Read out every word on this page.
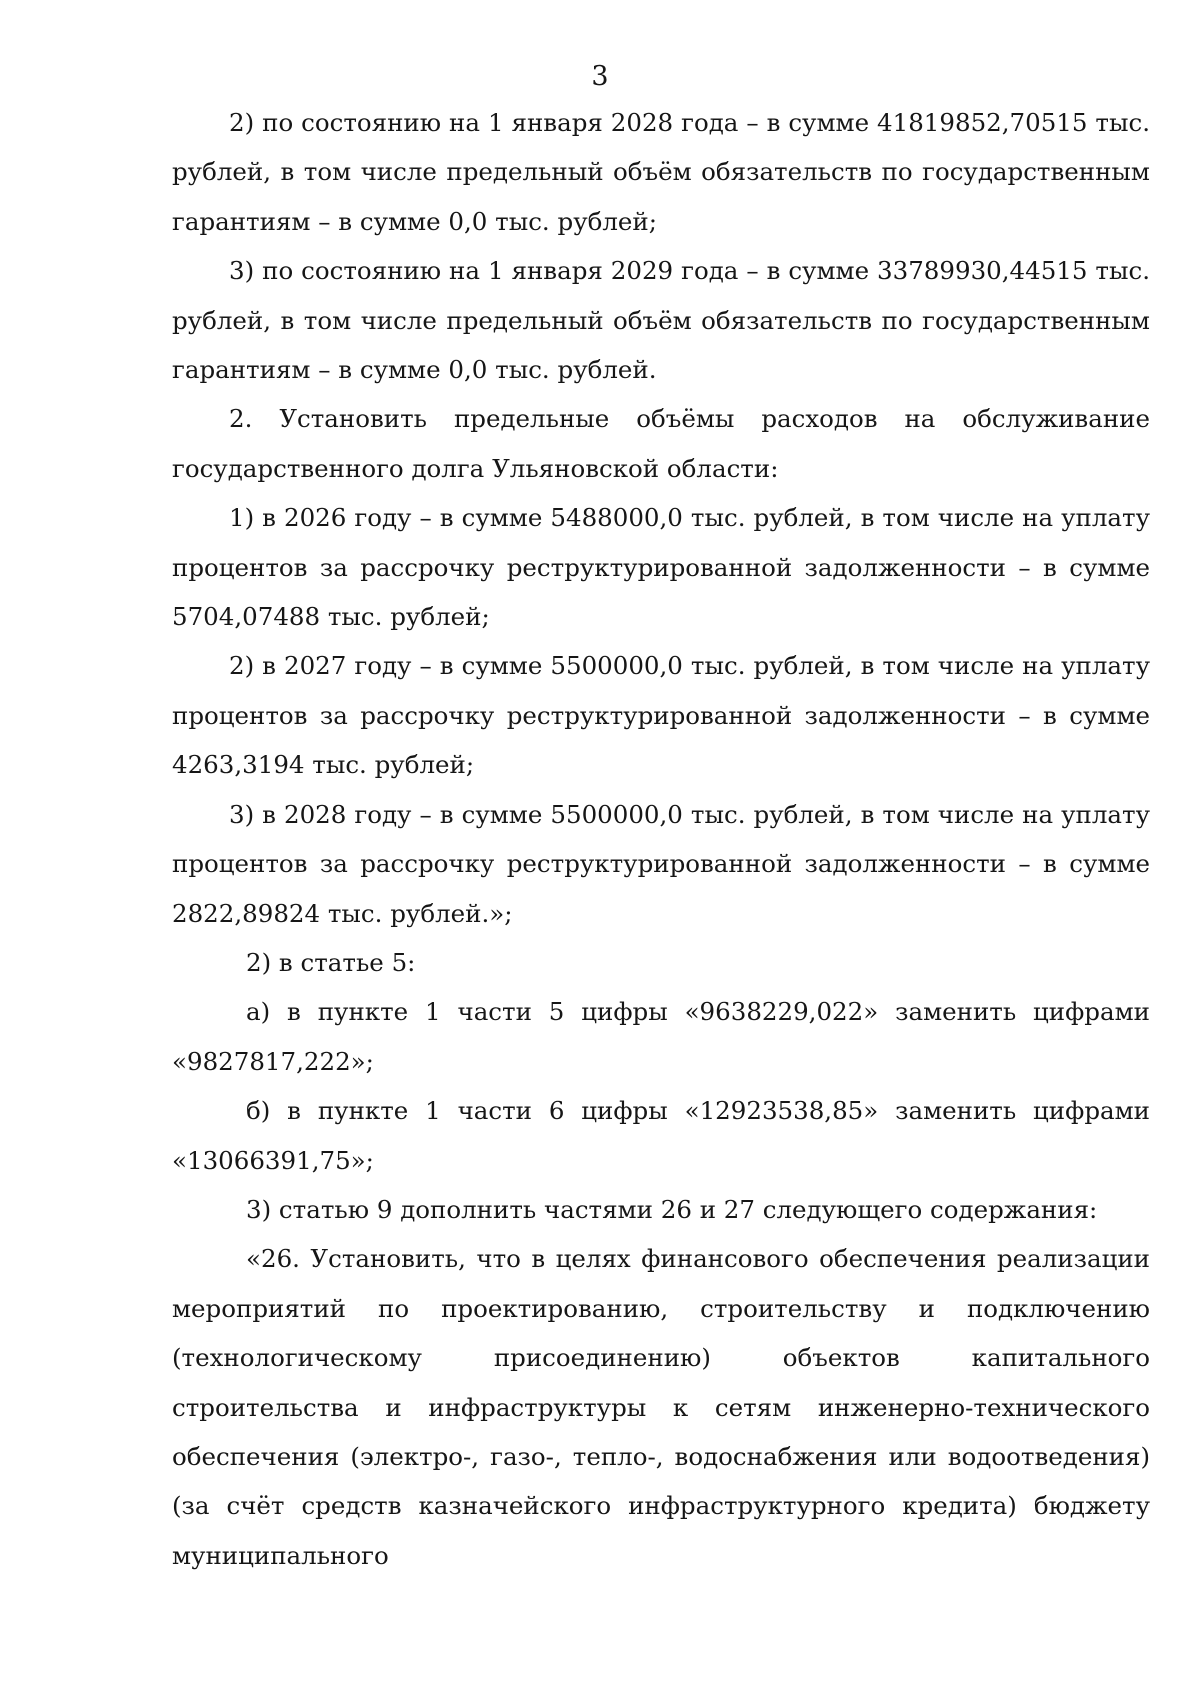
3

2) по состоянию на 1 января 2028 года – в сумме 41819852,70515 тыс. рублей, в том числе предельный объём обязательств по государственным гарантиям – в сумме 0,0 тыс. рублей;

3) по состоянию на 1 января 2029 года – в сумме 33789930,44515 тыс. рублей, в том числе предельный объём обязательств по государственным гарантиям – в сумме 0,0 тыс. рублей.

2. Установить предельные объёмы расходов на обслуживание государственного долга Ульяновской области:

1) в 2026 году – в сумме 5488000,0 тыс. рублей, в том числе на уплату процентов за рассрочку реструктурированной задолженности – в сумме 5704,07488 тыс. рублей;

2) в 2027 году – в сумме 5500000,0 тыс. рублей, в том числе на уплату процентов за рассрочку реструктурированной задолженности – в сумме 4263,3194 тыс. рублей;

3) в 2028 году – в сумме 5500000,0 тыс. рублей, в том числе на уплату процентов за рассрочку реструктурированной задолженности – в сумме 2822,89824 тыс. рублей.»;

2) в статье 5:

а) в пункте 1 части 5 цифры «9638229,022» заменить цифрами «9827817,222»;

б) в пункте 1 части 6 цифры «12923538,85» заменить цифрами «13066391,75»;

3) статью 9 дополнить частями 26 и 27 следующего содержания:

«26. Установить, что в целях финансового обеспечения реализации мероприятий по проектированию, строительству и подключению (технологическому присоединению) объектов капитального строительства и инфраструктуры к сетям инженерно-технического обеспечения (электро-, газо-, тепло-, водоснабжения или водоотведения) (за счёт средств казначейского инфраструктурного кредита) бюджету муниципального
